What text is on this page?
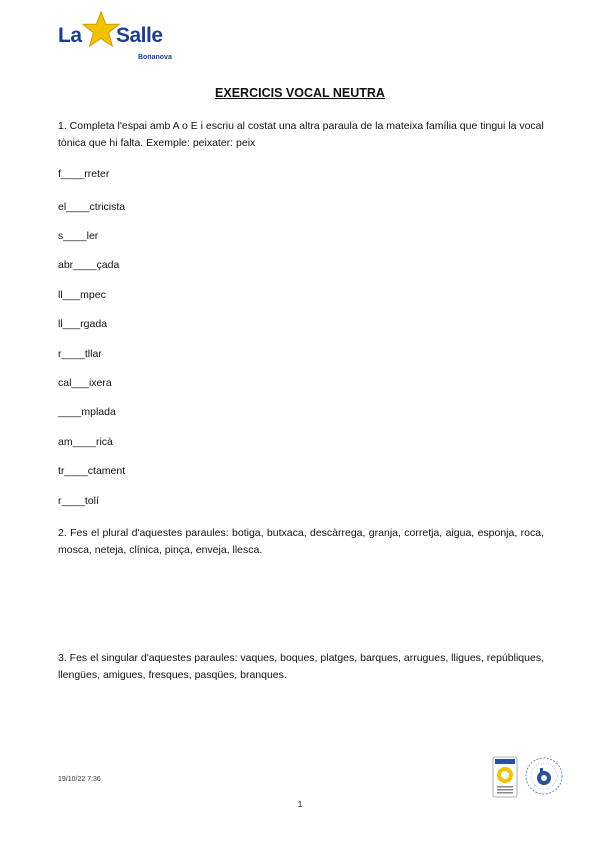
La Salle
Bonanova
EXERCICIS VOCAL NEUTRA
1. Completa l'espai amb A o E i escriu al costat una altra paraula de la mateixa família que tingui la vocal tònica que hi falta. Exemple: peixater: peix
f____rreter
el____ctricista
s____ler
abr____çada
ll___mpec
ll___rgada
r____tllar
cal___ixera
____mplada
am____ricà
tr____ctament
r____tolí
2. Fes el plural d'aquestes paraules: botiga, butxaca, descàrrega, granja, corretja, aigua, esponja, roca, mosca, neteja, clínica, pinça, enveja, llesca.
3. Fes el singular d'aquestes paraules: vaques, boques, platges, barques, arrugues, lligues, repúbliques, llengües, amigues, fresques, pasqües, branques.
19/10/22 7:36
1
